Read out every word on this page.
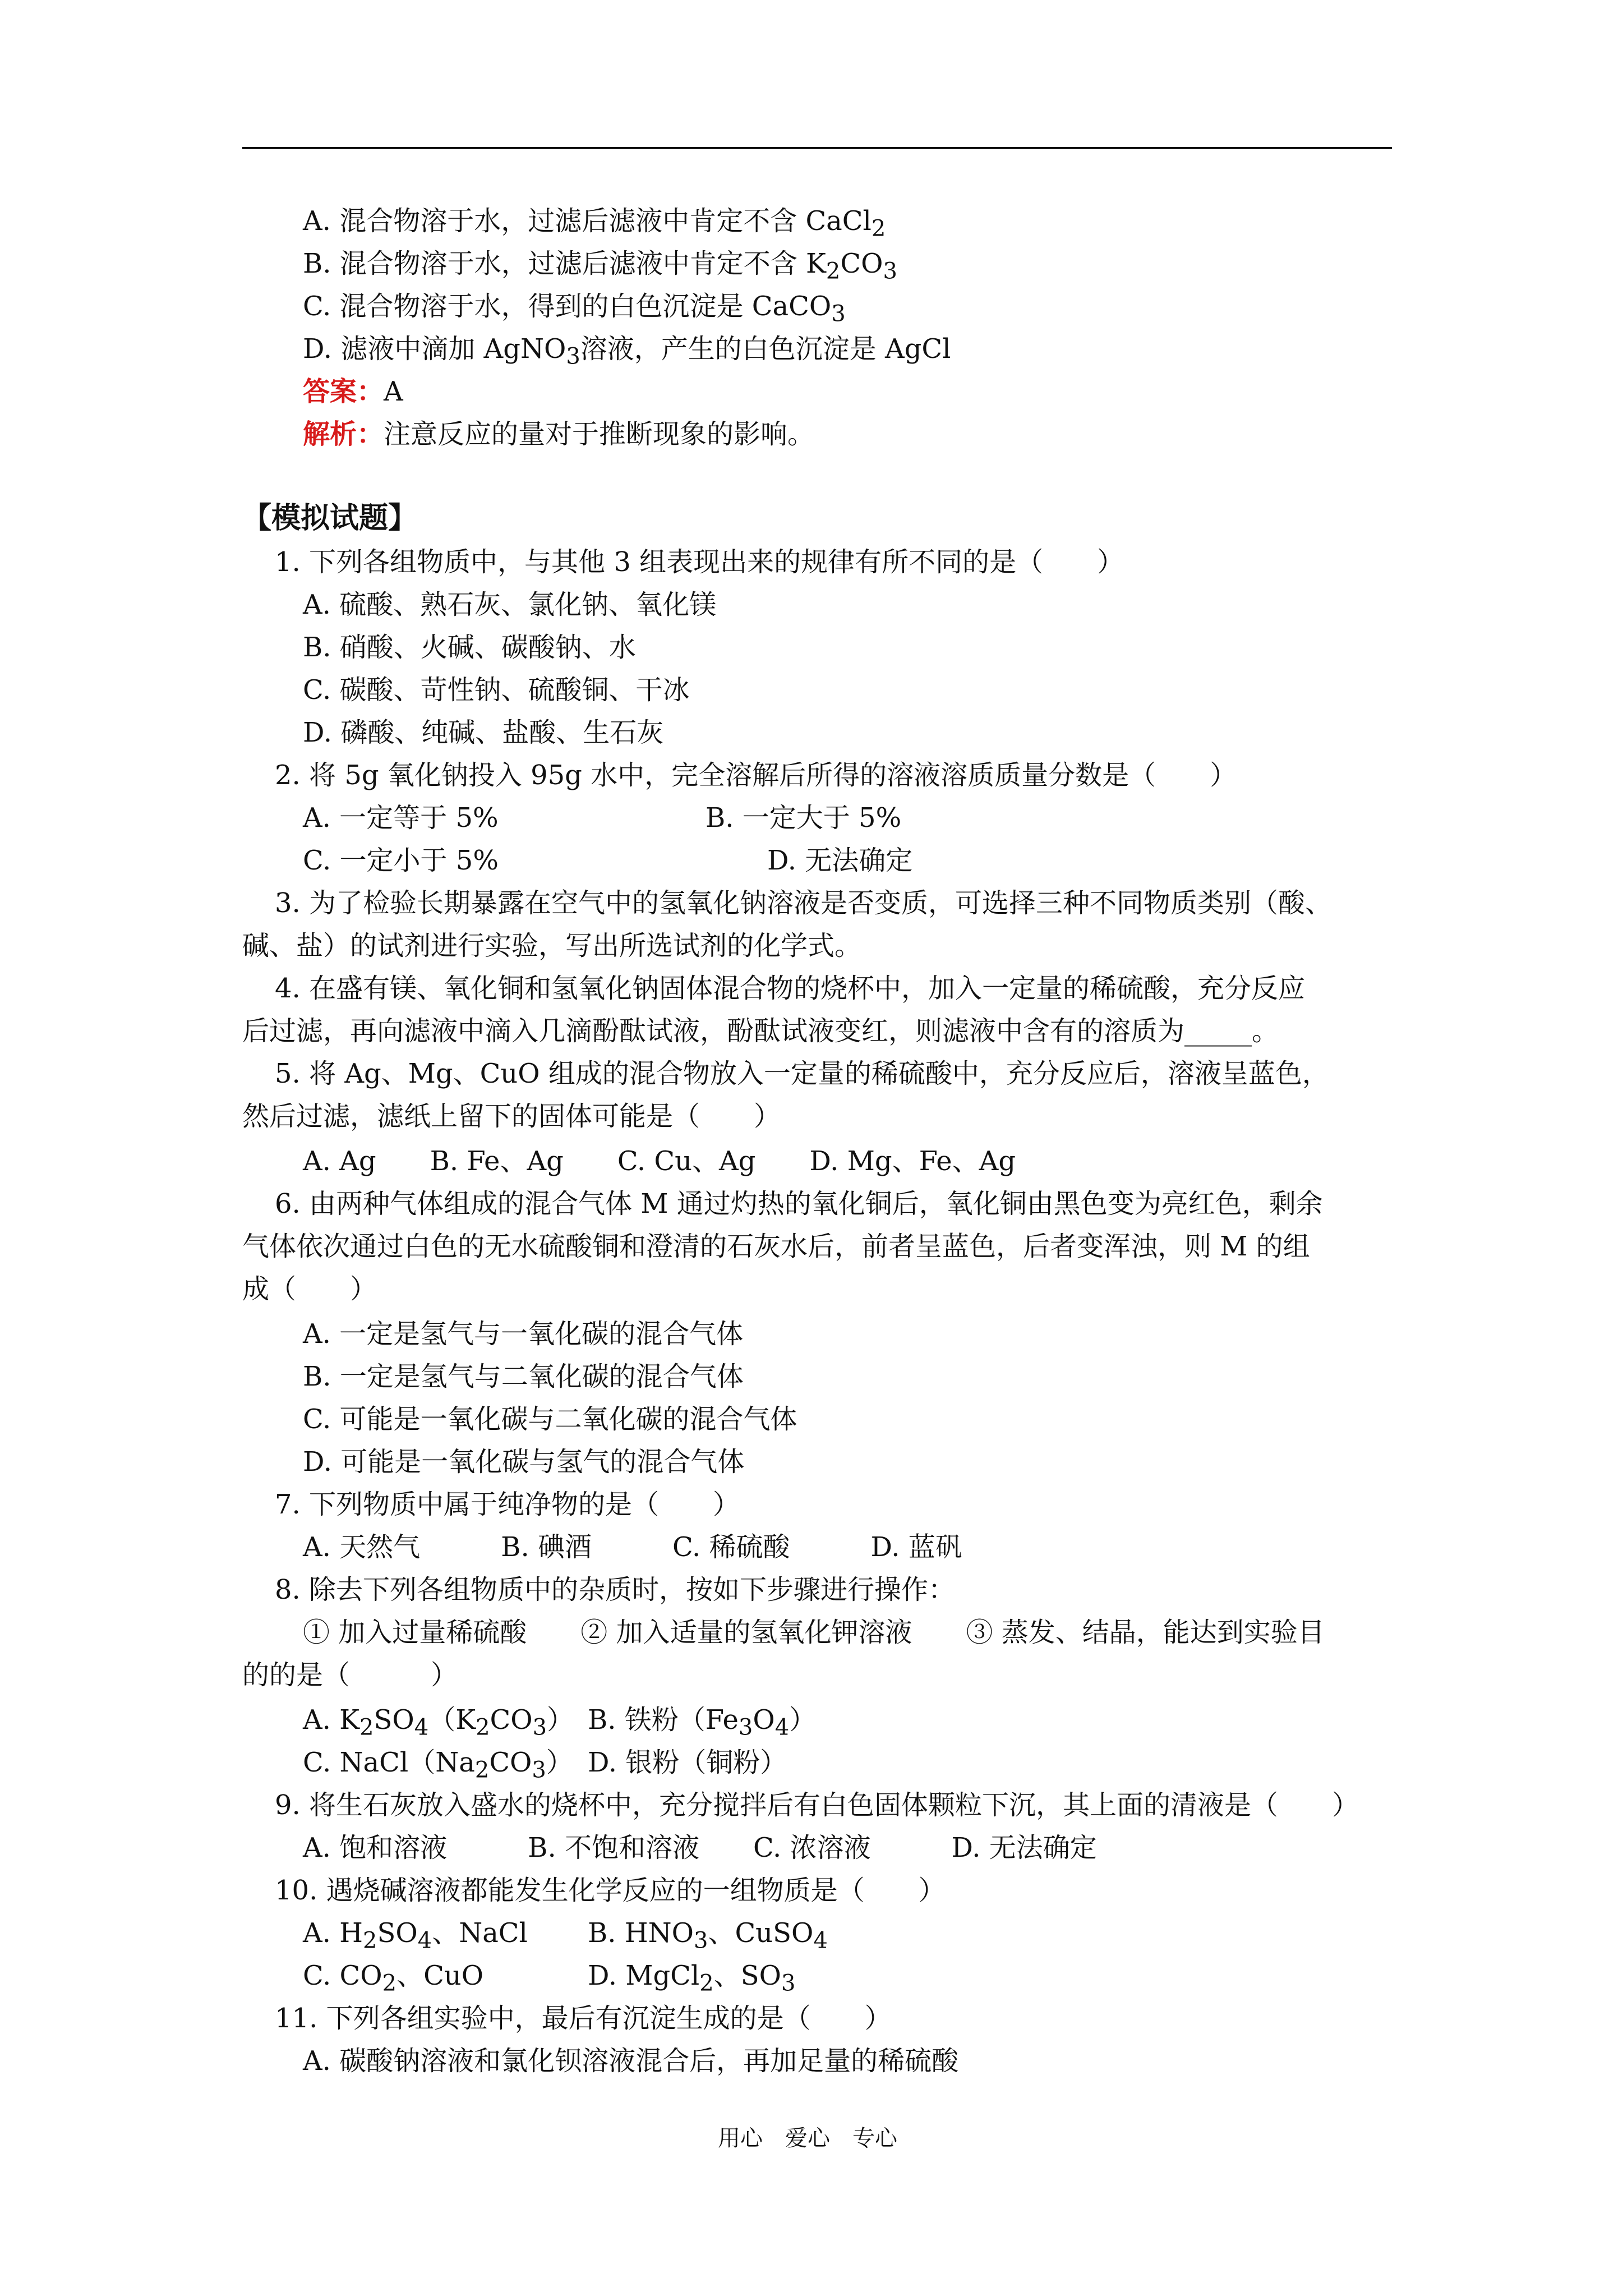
A. 混合物溶于水，过滤后滤液中肯定不含 CaCl$_2$
B. 混合物溶于水，过滤后滤液中肯定不含 $K_2CO_3$
C. 混合物溶于水，得到的白色沉淀是 CaCO$_3$
D. 滤液中滴加 AgNO$_3$溶液，产生的白色沉淀是 AgCl
答案：A
解析：注意反应的量对于推断现象的影响。
【模拟试题】
1. 下列各组物质中，与其他 3 组表现出来的规律有所不同的是（　　）
A. 硫酸、熟石灰、氯化钠、氧化镁
B. 硝酸、火碱、碳酸钠、水
C. 碳酸、苛性钠、硫酸铜、干冰
D. 磷酸、纯碱、盐酸、生石灰
2. 将 5g 氧化钠投入 95g 水中，完全溶解后所得的溶液溶质质量分数是（　　）
A. 一定等于 5%	B. 一定大于 5%
C. 一定小于 5%	D. 无法确定
3. 为了检验长期暴露在空气中的氢氧化钠溶液是否变质，可选择三种不同物质类别（酸、
碱、盐）的试剂进行实验，写出所选试剂的化学式。
4. 在盛有镁、氧化铜和氢氧化钠固体混合物的烧杯中，加入一定量的稀硫酸，充分反应
后过滤，再向滤液中滴入几滴酚酞试液，酚酞试液变红，则滤液中含有的溶质为_____。
5. 将 Ag、Mg、CuO 组成的混合物放入一定量的稀硫酸中，充分反应后，溶液呈蓝色，
然后过滤，滤纸上留下的固体可能是（　　）
A. Ag　　B. Fe、Ag　　C. Cu、Ag　　D. Mg、Fe、Ag
6. 由两种气体组成的混合气体 M 通过灼热的氧化铜后，氧化铜由黑色变为亮红色，剩余
气体依次通过白色的无水硫酸铜和澄清的石灰水后，前者呈蓝色，后者变浑浊，则 M 的组
成（　　）
A. 一定是氢气与一氧化碳的混合气体
B. 一定是氢气与二氧化碳的混合气体
C. 可能是一氧化碳与二氧化碳的混合气体
D. 可能是一氧化碳与氢气的混合气体
7. 下列物质中属于纯净物的是（　　）
A. 天然气　　　B. 碘酒　　　C. 稀硫酸　　　D. 蓝矾
8. 除去下列各组物质中的杂质时，按如下步骤进行操作：
① 加入过量稀硫酸　　② 加入适量的氢氧化钾溶液　　③ 蒸发、结晶，能达到实验目
的的是（　　　）
A. $K_2SO_4(K_2CO_3)$ B. 铁粉$(Fe_3O_4)$
C. $NaCl(Na_2CO_3)$ D. 银粉（铜粉）
9. 将生石灰放入盛水的烧杯中，充分搅拌后有白色固体颗粒下沉，其上面的清液是（　　）
A. 饱和溶液　　　B. 不饱和溶液　　C. 浓溶液　　　D. 无法确定
10. 遇烧碱溶液都能发生化学反应的一组物质是（　　）
A. $H_2SO_4$、NaCl B. $HNO_3$、CuSO$_4$
C. $CO_2$、CuO	D. MgCl$_2$、$SO_3$
11. 下列各组实验中，最后有沉淀生成的是（　　）
A. 碳酸钠溶液和氯化钡溶液混合后，再加足量的稀硫酸
用心　爱心　专心
